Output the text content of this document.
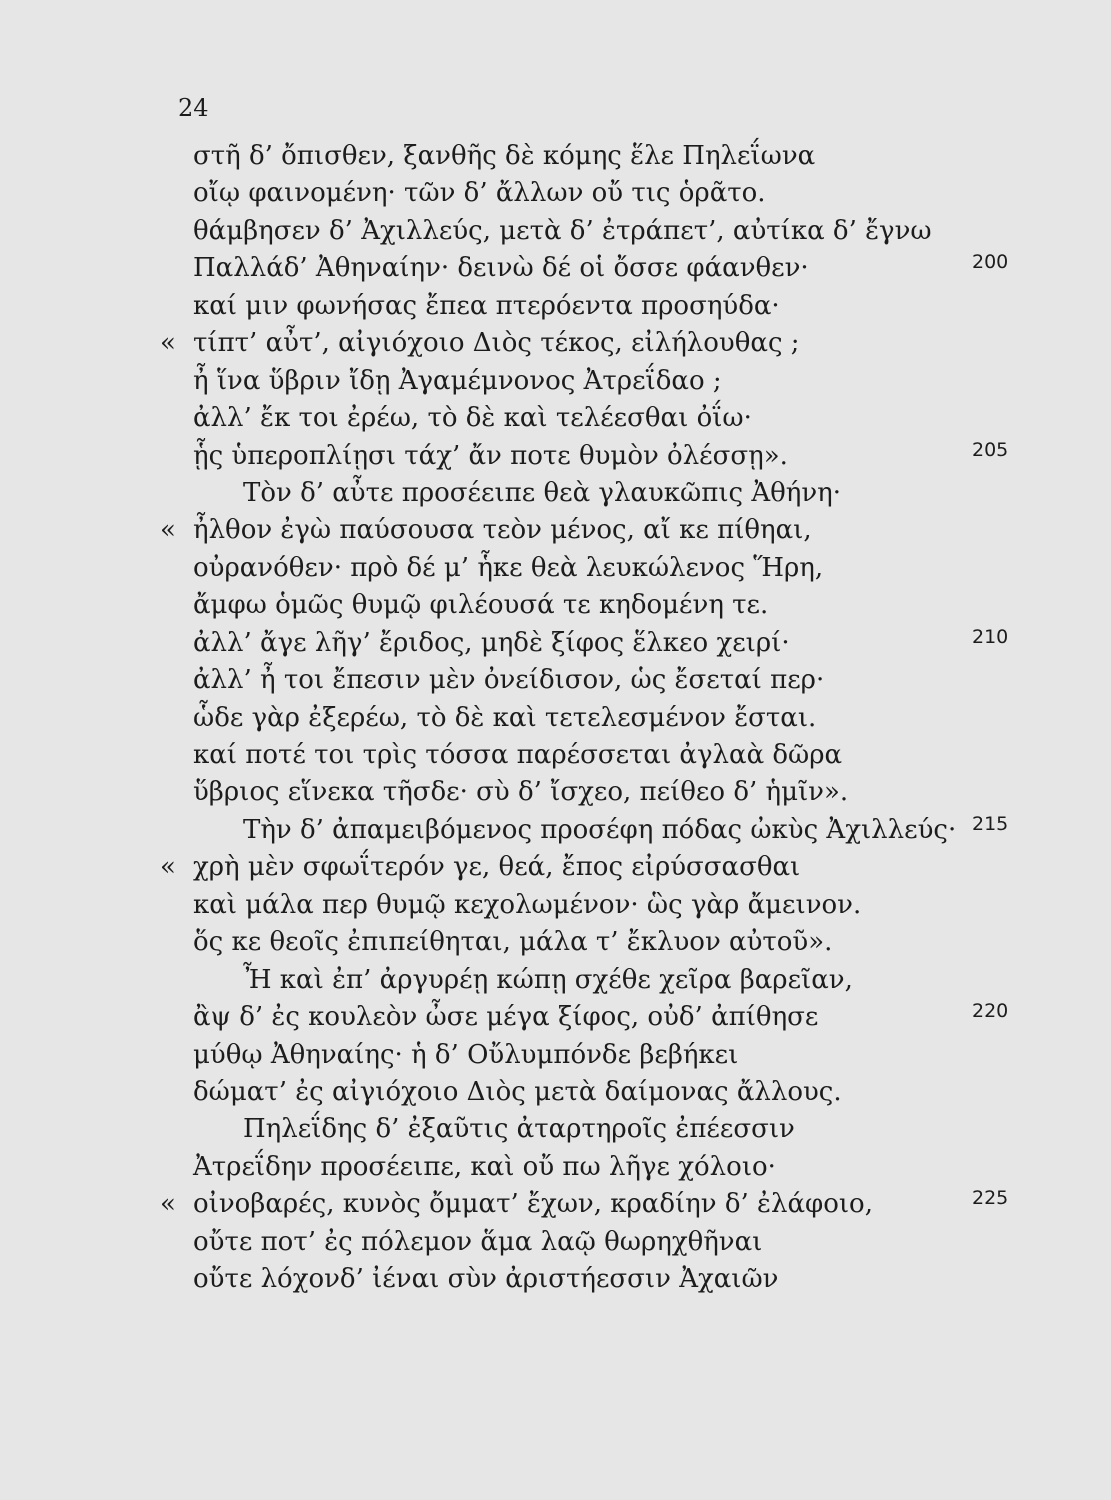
24
στῆ δ’ ὄπισθεν, ξανθῆς δὲ κόμης ἕλε Πηλεΐωνα
οἴῳ φαινομένη· τῶν δ’ ἄλλων οὔ τις ὁρᾶτο.
θάμβησεν δ’ Ἀχιλλεύς, μετὰ δ’ ἐτράπετ’, αὐτίκα δ’ ἔγνω
Παλλάδ’ Ἀθηναίην· δεινὼ δέ οἱ ὄσσε φάανθεν·	200
καί μιν φωνήσας ἔπεα πτερόεντα προσηύδα·
« τίπτ’ αὖτ’, αἰγιόχοιο Διὸς τέκος, εἰλήλουθας ;
ἦ ἵνα ὕβριν ἴδῃ Ἀγαμέμνονος Ἀτρεΐδαο ;
ἀλλ’ ἔκ τοι ἐρέω, τὸ δὲ καὶ τελέεσθαι ὀΐω·
ᾗς ὑπεροπλίῃσι τάχ’ ἄν ποτε θυμὸν ὀλέσσῃ».	205
Τὸν δ’ αὖτε προσέειπε θεὰ γλαυκῶπις Ἀθήνη·
« ἦλθον ἐγὼ παύσουσα τεὸν μένος, αἴ κε πίθηαι,
οὐρανόθεν· πρὸ δέ μ’ ἧκε θεὰ λευκώλενος Ἥρη,
ἄμφω ὁμῶς θυμῷ φιλέουσά τε κηδομένη τε.
ἀλλ’ ἄγε λῆγ’ ἔριδος, μηδὲ ξίφος ἕλκεο χειρί·	210
ἀλλ’ ἦ τοι ἔπεσιν μὲν ὀνείδισον, ὡς ἔσεταί περ·
ὧδε γὰρ ἐξερέω, τὸ δὲ καὶ τετελεσμένον ἔσται.
καί ποτέ τοι τρὶς τόσσα παρέσσεται ἀγλαὰ δῶρα
ὕβριος εἵνεκα τῆσδε· σὺ δ’ ἴσχεο, πείθεο δ’ ἡμῖν».
Τὴν δ’ ἀπαμειβόμενος προσέφη πόδας ὠκὺς Ἀχιλλεύς· 215
« χρὴ μὲν σφωΐτερόν γε, θεά, ἔπος εἰρύσσασθαι
καὶ μάλα περ θυμῷ κεχολωμένον· ὣς γὰρ ἄμεινον.
ὅς κε θεοῖς ἐπιπείθηται, μάλα τ’ ἔκλυον αὐτοῦ».
Ἦ καὶ ἐπ’ ἀργυρέῃ κώπῃ σχέθε χεῖρα βαρεῖαν,
ἂψ δ’ ἐς κουλεὸν ὦσε μέγα ξίφος, οὐδ’ ἀπίθησε	220
μύθῳ Ἀθηναίης· ἡ δ’ Οὔλυμπόνδε βεβήκει
δώματ’ ἐς αἰγιόχοιο Διὸς μετὰ δαίμονας ἄλλους.
Πηλεΐδης δ’ ἐξαῦτις ἀταρτηροῖς ἐπέεσσιν
Ἀτρεΐδην προσέειπε, καὶ οὔ πω λῆγε χόλοιο·
« οἰνοβαρές, κυνὸς ὄμματ’ ἔχων, κραδίην δ’ ἐλάφοιο,	225
οὔτε ποτ’ ἐς πόλεμον ἅμα λαῷ θωρηχθῆναι
οὔτε λόχονδ’ ἰέναι σὺν ἀριστήεσσιν Ἀχαιῶν
